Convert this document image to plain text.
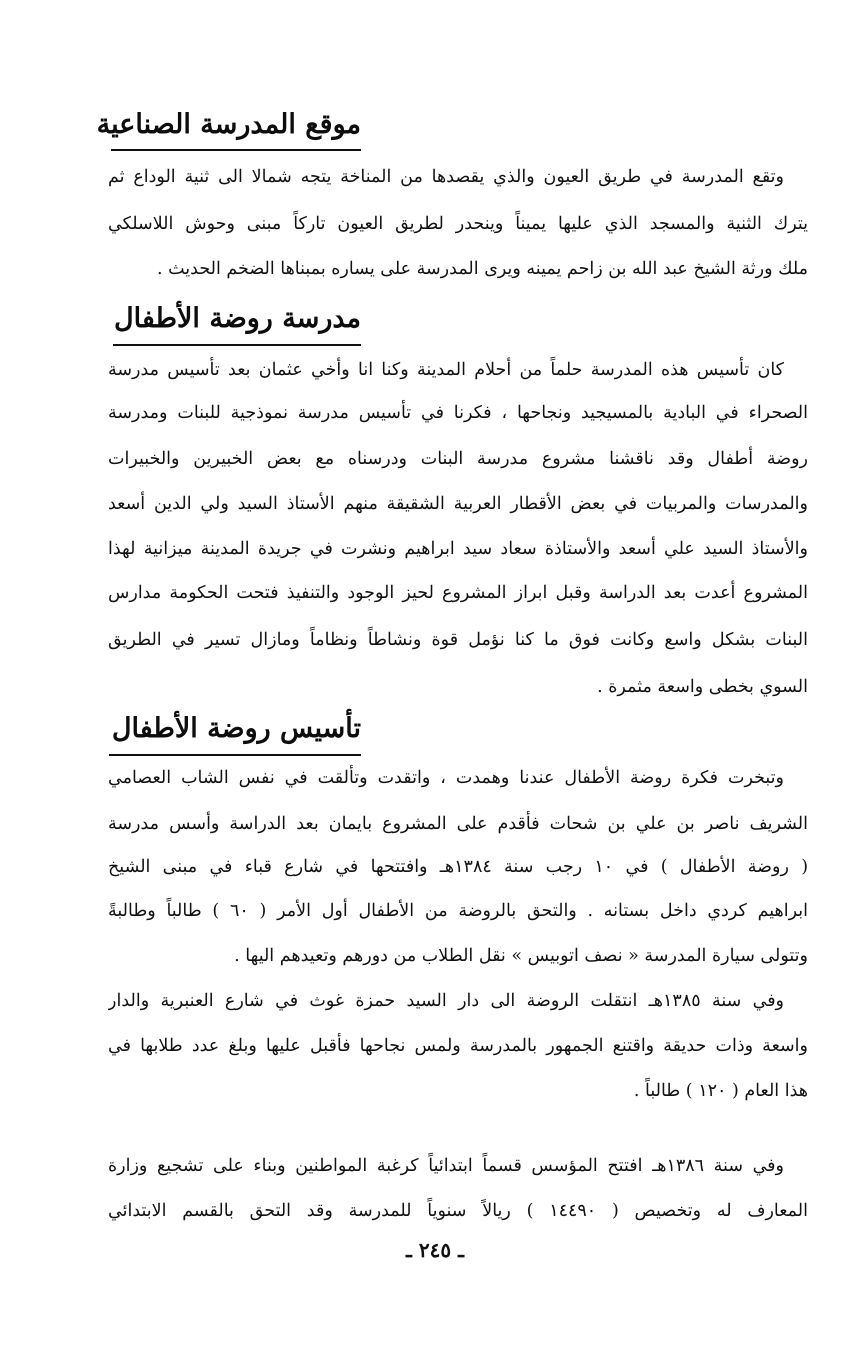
موقع المدرسة الصناعية
وتقع المدرسة في طريق العيون والذي يقصدها من المناخة يتجه شمالا الى ثنية الوداع ثم
يترك الثنية والمسجد الذي عليها يميناً وينحدر لطريق العيون تاركاً مبنى وحوش اللاسلكي
ملك ورثة الشيخ عبد الله بن زاحم يمينه ويرى المدرسة على يساره بمبناها الضخم الحديث .
مدرسة روضة الأطفال
كان تأسيس هذه المدرسة حلماً من أحلام المدينة وكنا انا وأخي عثمان بعد تأسيس مدرسة
الصحراء في البادية بالمسيجيد ونجاحها ، فكرنا في تأسيس مدرسة نموذجية للبنات ومدرسة
روضة أطفال وقد ناقشنا مشروع مدرسة البنات ودرسناه مع بعض الخبيرين والخبيرات
والمدرسات والمربيات في بعض الأقطار العربية الشقيقة منهم الأستاذ السيد ولي الدين أسعد
والأستاذ السيد علي أسعد والأستاذة سعاد سيد ابراهيم ونشرت في جريدة المدينة ميزانية لهذا
المشروع أعدت بعد الدراسة وقبل ابراز المشروع لحيز الوجود والتنفيذ فتحت الحكومة مدارس
البنات بشكل واسع وكانت فوق ما كنا نؤمل قوة ونشاطاً ونظاماً ومازال تسير في الطريق
السوي بخطى واسعة مثمرة .
تأسيس روضة الأطفال
وتبخرت فكرة روضة الأطفال عندنا وهمدت ، واتقدت وتألقت في نفس الشاب العصامي
الشريف ناصر بن علي بن شحات فأقدم على المشروع بايمان بعد الدراسة وأسس مدرسة
( روضة الأطفال ) في ١٠ رجب سنة ١٣٨٤هـ وافتتحها في شارع قباء في مبنى الشيخ
ابراهيم كردي داخل بستانه . والتحق بالروضة من الأطفال أول الأمر ( ٦٠ ) طالباً وطالبةً
وتتولى سيارة المدرسة « نصف اتوبيس » نقل الطلاب من دورهم وتعيدهم اليها .
وفي سنة ١٣٨٥هـ انتقلت الروضة الى دار السيد حمزة غوث في شارع العنبرية والدار
واسعة وذات حديقة واقتنع الجمهور بالمدرسة ولمس نجاحها فأقبل عليها وبلغ عدد طلابها في
هذا العام ( ١٢٠ ) طالباً .
وفي سنة ١٣٨٦هـ افتتح المؤسس قسماً ابتدائياً كرغبة المواطنين وبناء على تشجيع وزارة
المعارف له وتخصيص ( ١٤٤٩٠ ) ريالاً سنوياً للمدرسة وقد التحق بالقسم الابتدائي
ـ ٢٤٥ ـ
